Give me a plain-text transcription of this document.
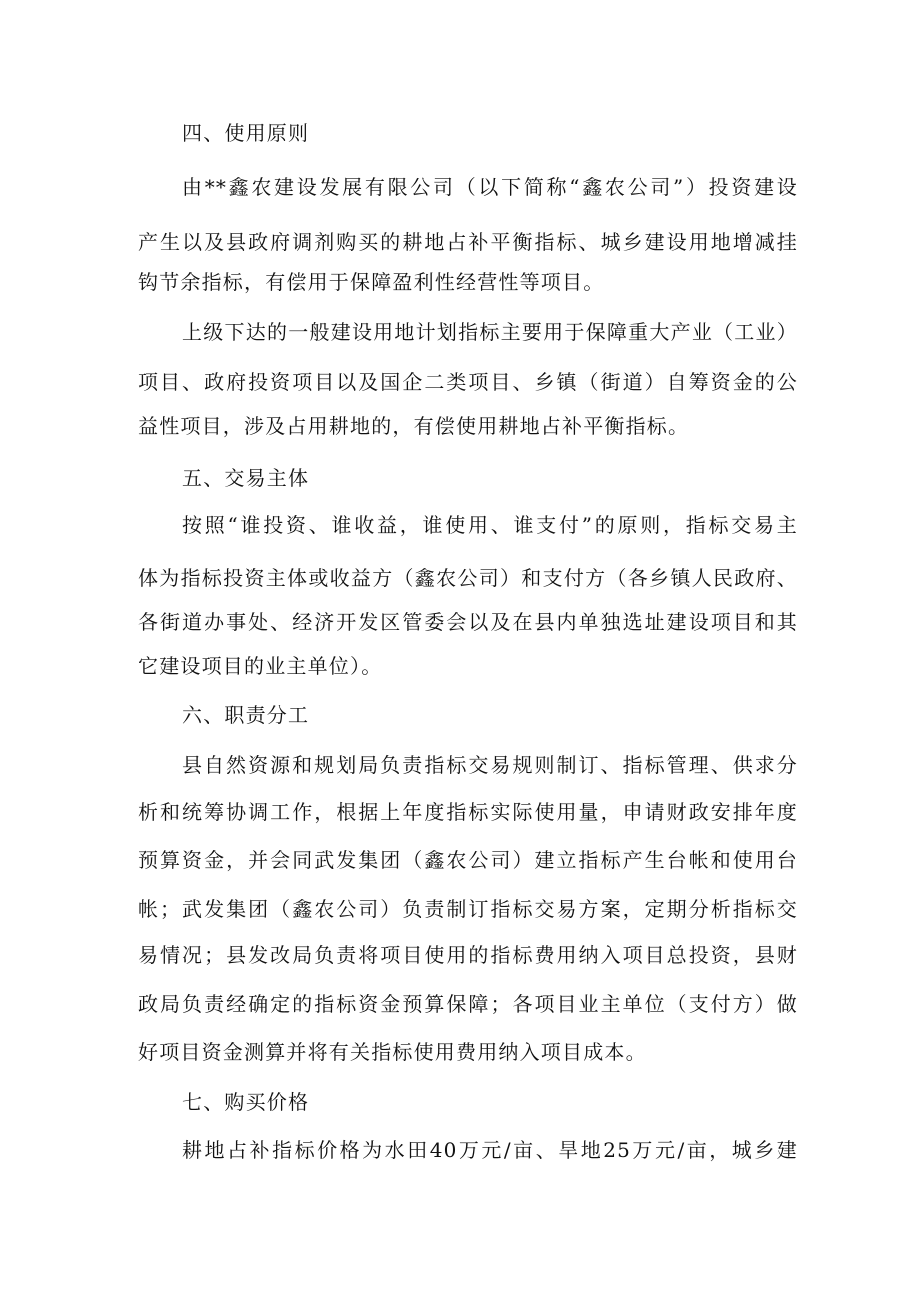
四、使用原则
由**鑫农建设发展有限公司（以下简称“鑫农公司”）投资建设
产生以及县政府调剂购买的耕地占补平衡指标、城乡建设用地增减挂
钩节余指标，有偿用于保障盈利性经营性等项目。
上级下达的一般建设用地计划指标主要用于保障重大产业（工业）
项目、政府投资项目以及国企二类项目、乡镇（街道）自筹资金的公
益性项目，涉及占用耕地的，有偿使用耕地占补平衡指标。
五、交易主体
按照“谁投资、谁收益，谁使用、谁支付”的原则，指标交易主
体为指标投资主体或收益方（鑫农公司）和支付方（各乡镇人民政府、
各街道办事处、经济开发区管委会以及在县内单独选址建设项目和其
它建设项目的业主单位）。
六、职责分工
县自然资源和规划局负责指标交易规则制订、指标管理、供求分
析和统筹协调工作，根据上年度指标实际使用量，申请财政安排年度
预算资金，并会同武发集团（鑫农公司）建立指标产生台帐和使用台
帐；武发集团（鑫农公司）负责制订指标交易方案，定期分析指标交
易情况；县发改局负责将项目使用的指标费用纳入项目总投资，县财
政局负责经确定的指标资金预算保障；各项目业主单位（支付方）做
好项目资金测算并将有关指标使用费用纳入项目成本。
七、购买价格
耕地占补指标价格为水田40万元/亩、旱地25万元/亩，城乡建
